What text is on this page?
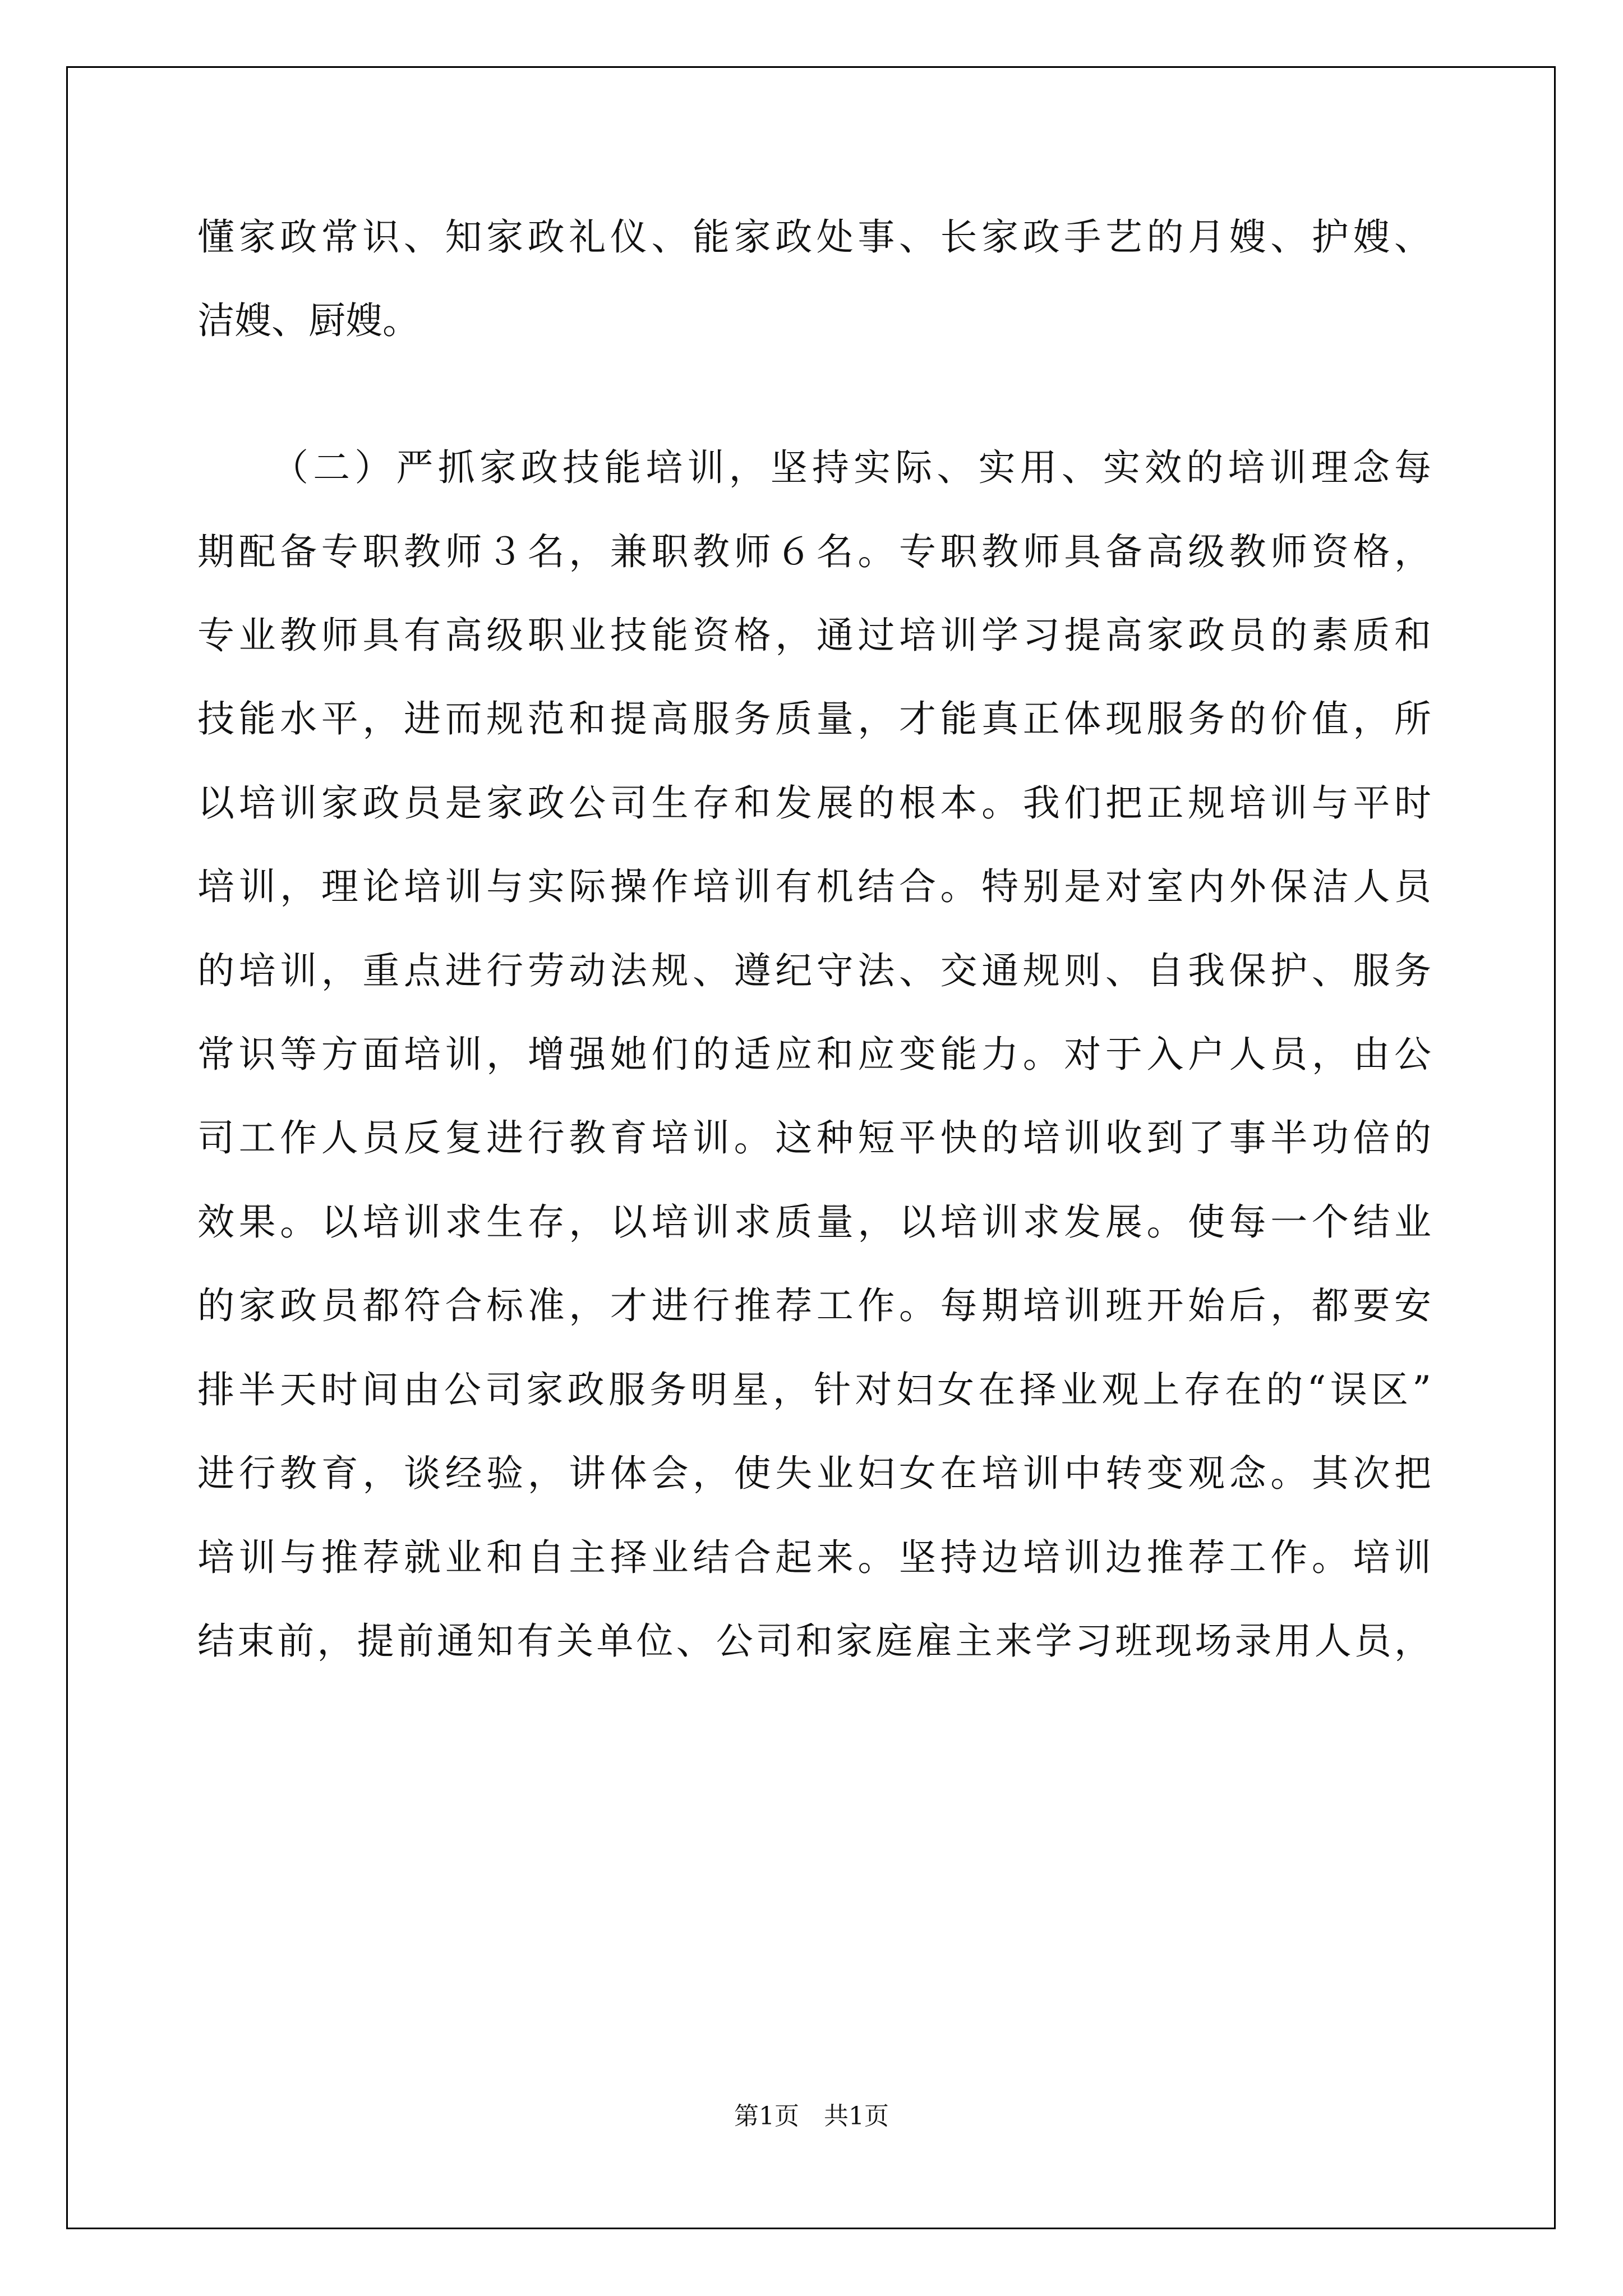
懂家政常识、知家政礼仪、能家政处事、长家政手艺的月嫂、护嫂、
洁嫂、厨嫂。
（二）严抓家政技能培训，坚持实际、实用、实效的培训理念每
期配备专职教师３名，兼职教师６名。专职教师具备高级教师资格，
专业教师具有高级职业技能资格，通过培训学习提高家政员的素质和
技能水平，进而规范和提高服务质量，才能真正体现服务的价值，所
以培训家政员是家政公司生存和发展的根本。我们把正规培训与平时
培训，理论培训与实际操作培训有机结合。特别是对室内外保洁人员
的培训，重点进行劳动法规、遵纪守法、交通规则、自我保护、服务
常识等方面培训，增强她们的适应和应变能力。对于入户人员，由公
司工作人员反复进行教育培训。这种短平快的培训收到了事半功倍的
效果。以培训求生存，以培训求质量，以培训求发展。使每一个结业
的家政员都符合标准，才进行推荐工作。每期培训班开始后，都要安
排半天时间由公司家政服务明星，针对妇女在择业观上存在的“误区”
进行教育，谈经验，讲体会，使失业妇女在培训中转变观念。其次把
培训与推荐就业和自主择业结合起来。坚持边培训边推荐工作。培训
结束前，提前通知有关单位、公司和家庭雇主来学习班现场录用人员，
第1页　共1页
